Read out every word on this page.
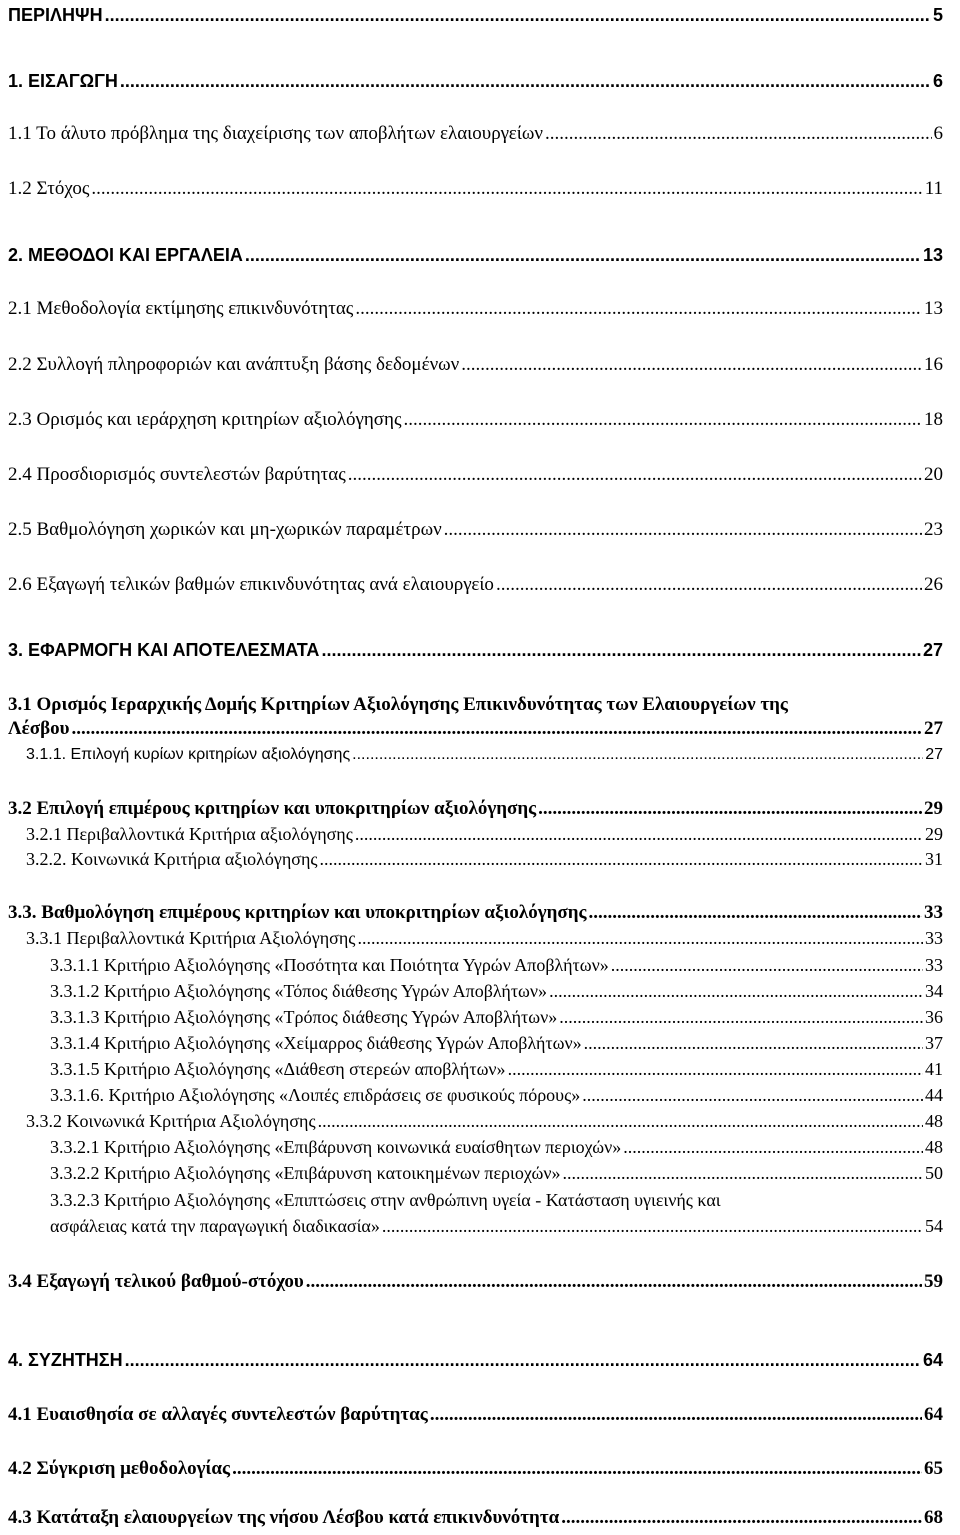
ΠΕΡΙΛΗΨΗ .....	5
1. ΕΙΣΑΓΩΓΗ .....	6
1.1 Το άλυτο πρόβλημα της διαχείρισης των αποβλήτων ελαιουργείων .....	6
1.2 Στόχος .....	11
2. ΜΕΘΟΔΟΙ ΚΑΙ ΕΡΓΑΛΕΙΑ .....	13
2.1 Μεθοδολογία εκτίμησης επικινδυνότητας .....	13
2.2 Συλλογή πληροφοριών και ανάπτυξη βάσης δεδομένων .....	16
2.3 Ορισμός και ιεράρχηση κριτηρίων αξιολόγησης .....	18
2.4 Προσδιορισμός συντελεστών βαρύτητας .....	20
2.5 Βαθμολόγηση χωρικών και μη-χωρικών παραμέτρων .....	23
2.6 Εξαγωγή τελικών βαθμών επικινδυνότητας ανά ελαιουργείο .....	26
3. ΕΦΑΡΜΟΓΗ ΚΑΙ ΑΠΟΤΕΛΕΣΜΑΤΑ .....	27
3.1 Ορισμός Ιεραρχικής Δομής Κριτηρίων Αξιολόγησης Επικινδυνότητας των Ελαιουργείων της
Λέσβου .....	27
3.1.1. Επιλογή κυρίων κριτηρίων αξιολόγησης .....	27
3.2 Επιλογή επιμέρους κριτηρίων και υποκριτηρίων αξιολόγησης .....	29
3.2.1 Περιβαλλοντικά Κριτήρια αξιολόγησης .....	29
3.2.2. Κοινωνικά Κριτήρια αξιολόγησης .....	31
3.3. Βαθμολόγηση επιμέρους κριτηρίων και υποκριτηρίων αξιολόγησης .....	33
3.3.1 Περιβαλλοντικά Κριτήρια Αξιολόγησης .....	33
3.3.1.1 Κριτήριο Αξιολόγησης «Ποσότητα και Ποιότητα Υγρών Αποβλήτων» .....	33
3.3.1.2 Κριτήριο Αξιολόγησης «Τόπος διάθεσης Υγρών Αποβλήτων» .....	34
3.3.1.3 Κριτήριο Αξιολόγησης «Τρόπος διάθεσης Υγρών Αποβλήτων» .....	36
3.3.1.4 Κριτήριο Αξιολόγησης «Χείμαρρος διάθεσης Υγρών Αποβλήτων» .....	37
3.3.1.5 Κριτήριο Αξιολόγησης «Διάθεση στερεών αποβλήτων» .....	41
3.3.1.6. Κριτήριο Αξιολόγησης «Λοιπές επιδράσεις σε φυσικούς πόρους» .....	44
3.3.2 Κοινωνικά Κριτήρια Αξιολόγησης .....	48
3.3.2.1 Κριτήριο Αξιολόγησης «Επιβάρυνση κοινωνικά ευαίσθητων περιοχών» .....	48
3.3.2.2 Κριτήριο Αξιολόγησης «Επιβάρυνση κατοικημένων περιοχών» .....	50
3.3.2.3 Κριτήριο Αξιολόγησης «Επιπτώσεις στην ανθρώπινη υγεία - Κατάσταση υγιεινής και
ασφάλειας κατά την παραγωγική διαδικασία» .....	54
3.4 Εξαγωγή τελικού βαθμού-στόχου .....	59
4. ΣΥΖΗΤΗΣΗ .....	64
4.1 Ευαισθησία σε αλλαγές συντελεστών βαρύτητας .....	64
4.2 Σύγκριση μεθοδολογίας .....	65
4.3 Κατάταξη ελαιουργείων της νήσου Λέσβου κατά επικινδυνότητα .....	68
